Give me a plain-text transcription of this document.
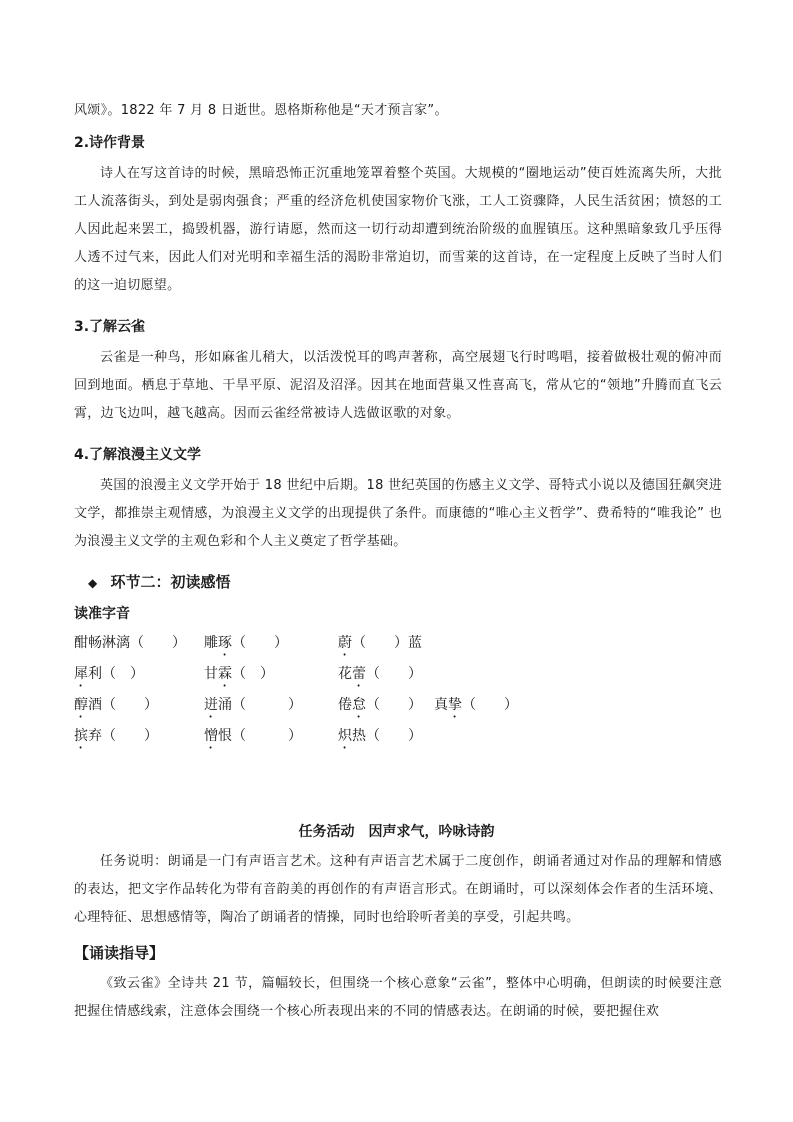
风颂》。1822 年 7 月 8 日逝世。恩格斯称他是“天才预言家”。

2.诗作背景

诗人在写这首诗的时候，黑暗恐怖正沉重地笼罩着整个英国。大规模的“圈地运动”使百姓流离失所，大批工人流落街头，到处是弱肉强食；严重的经济危机使国家物价飞涨，工人工资骤降，人民生活贫困；愤怒的工人因此起来罢工，捣毁机器，游行请愿，然而这一切行动却遭到统治阶级的血腥镇压。这种黑暗象致几乎压得人透不过气来，因此人们对光明和幸福生活的渴盼非常迫切，而雪莱的这首诗，在一定程度上反映了当时人们的这一迫切愿望。

3.了解云雀

云雀是一种鸟，形如麻雀儿稍大，以活泼悦耳的鸣声著称，高空展翅飞行时鸣唱，接着做极壮观的俯冲而回到地面。栖息于草地、干旱平原、泥沼及沼泽。因其在地面营巢又性喜高飞，常从它的“领地”升腾而直飞云霄，边飞边叫，越飞越高。因而云雀经常被诗人选做讴歌的对象。

4.了解浪漫主义文学

英国的浪漫主义文学开始于 18 世纪中后期。18 世纪英国的伤感主义文学、哥特式小说以及德国狂飙突进文学，都推崇主观情感，为浪漫主义文学的出现提供了条件。而康德的“唯心主义哲学”、费希特的“唯我论” 也为浪漫主义文学的主观色彩和个人主义奠定了哲学基础。

◆ 环节二：初读感悟

读准字音

酣畅淋漓（　　） 雕琢（　　）	蔚（　　）蓝
犀利（　）	甘霖（　）	花蕾（　　）
醇酒（　　）	迸涌（　　　）	倦怠（　　） 真挚（　　）
摈弃（　　）	憎恨（　　　）	炽热（　　）
任务活动　因声求气，吟咏诗韵

任务说明：朗诵是一门有声语言艺术。这种有声语言艺术属于二度创作，朗诵者通过对作品的理解和情感的表达，把文字作品转化为带有音韵美的再创作的有声语言形式。在朗诵时，可以深刻体会作者的生活环境、心理特征、思想感情等，陶冶了朗诵者的情操，同时也给聆听者美的享受，引起共鸣。

【诵读指导】

《致云雀》全诗共 21 节，篇幅较长，但围绕一个核心意象“云雀”，整体中心明确，但朗读的时候要注意把握住情感线索，注意体会围绕一个核心所表现出来的不同的情感表达。在朗诵的时候，要把握住欢
